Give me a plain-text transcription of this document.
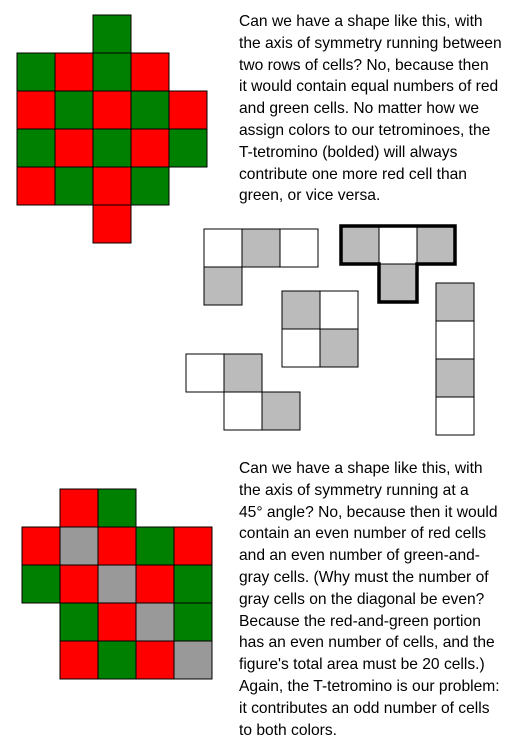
Can we have a shape like this, with
the axis of symmetry running between
two rows of cells? No, because then
it would contain equal numbers of red
and green cells. No matter how we
assign colors to our tetrominoes, the
T-tetromino (bolded) will always
contribute one more red cell than
green, or vice versa.

Can we have a shape like this, with
the axis of symmetry running at a
45° angle? No, because then it would
contain an even number of red cells
and an even number of green-and-
gray cells. (Why must the number of
gray cells on the diagonal be even?
Because the red-and-green portion
has an even number of cells, and the
figure's total area must be 20 cells.)
Again, the T-tetromino is our problem:
it contributes an odd number of cells
to both colors.
